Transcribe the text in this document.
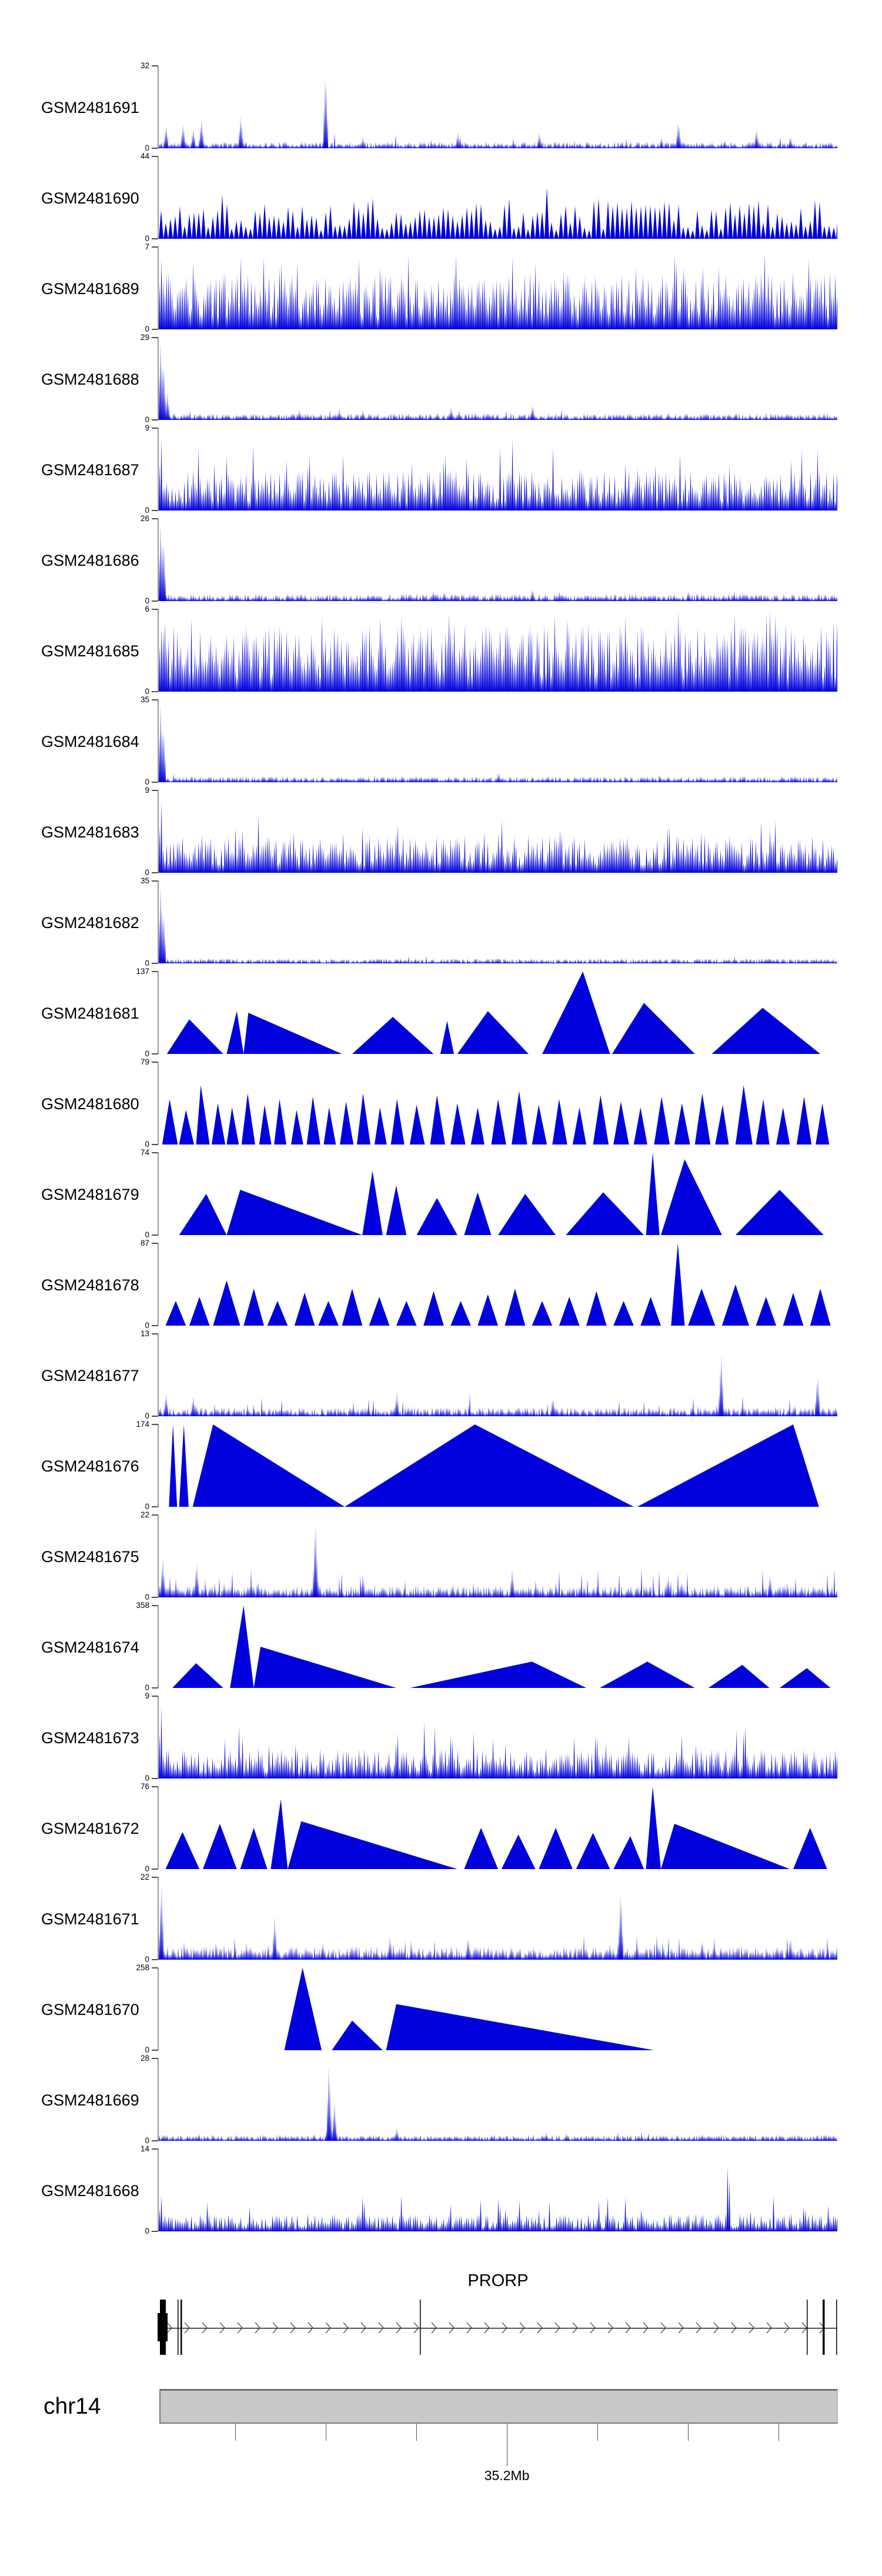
GSM2481691
32
0
GSM2481690
44
0
GSM2481689
7
0
GSM2481688
29
0
GSM2481687
9
0
GSM2481686
26
0
GSM2481685
6
0
GSM2481684
35
0
GSM2481683
9
0
GSM2481682
35
0
GSM2481681
137
0
GSM2481680
79
0
GSM2481679
74
0
GSM2481678
87
0
GSM2481677
13
0
GSM2481676
174
0
GSM2481675
22
0
GSM2481674
358
0
GSM2481673
9
0
GSM2481672
76
0
GSM2481671
22
0
GSM2481670
258
0
GSM2481669
28
0
GSM2481668
14
0
PRORP
chr14
35.2Mb
